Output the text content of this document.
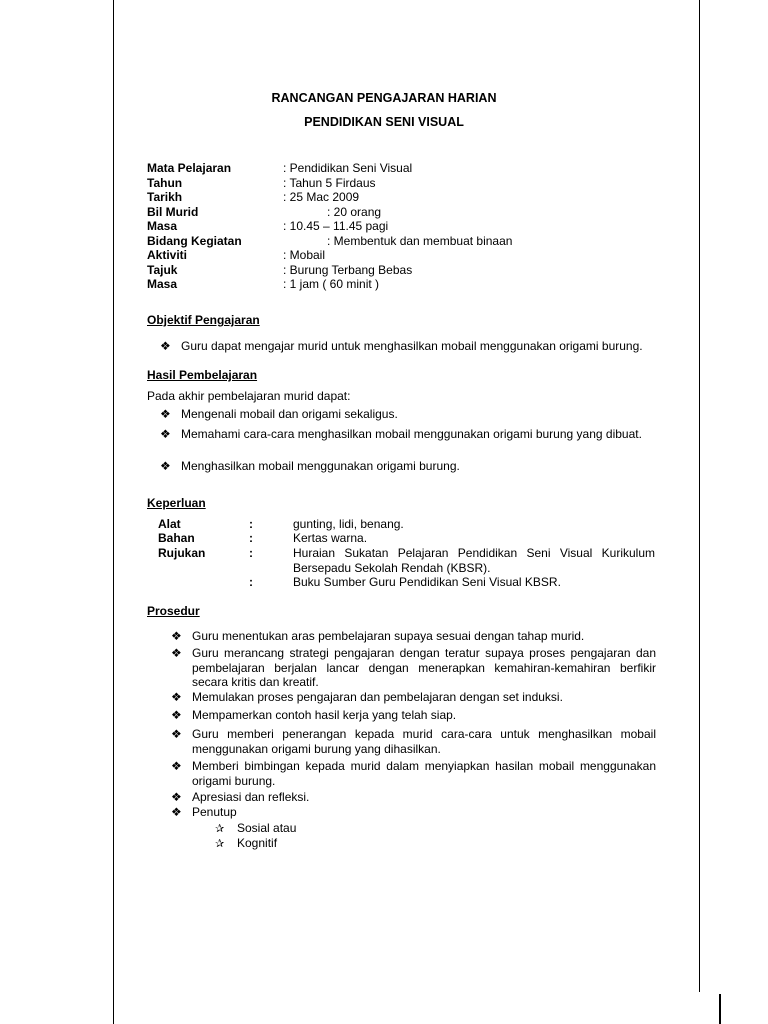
RANCANGAN PENGAJARAN HARIAN
PENDIDIKAN SENI VISUAL
Mata Pelajaran	: Pendidikan Seni Visual
Tahun	: Tahun 5 Firdaus
Tarikh	: 25 Mac 2009
Bil Murid	: 20 orang
Masa	: 10.45 – 11.45 pagi
Bidang Kegiatan	: Membentuk dan membuat binaan
Aktiviti	: Mobail
Tajuk	: Burung Terbang Bebas
Masa	: 1 jam ( 60 minit )
Objektif Pengajaran
❖ Guru dapat mengajar murid untuk menghasilkan mobail menggunakan origami burung.
Hasil Pembelajaran
Pada akhir pembelajaran murid dapat:
❖ Mengenali mobail dan origami sekaligus.
❖ Memahami cara-cara menghasilkan mobail menggunakan origami burung yang dibuat.
❖ Menghasilkan mobail menggunakan origami burung.
Keperluan
Alat	:	gunting, lidi, benang.
Bahan	:	Kertas warna.
Rujukan	:	Huraian Sukatan Pelajaran Pendidikan Seni Visual Kurikulum Bersepadu Sekolah Rendah (KBSR).
:	Buku Sumber Guru Pendidikan Seni Visual KBSR.
Prosedur
❖ Guru menentukan aras pembelajaran supaya sesuai dengan tahap murid.
❖ Guru merancang strategi pengajaran dengan teratur supaya proses pengajaran dan pembelajaran berjalan lancar dengan menerapkan kemahiran-kemahiran berfikir secara kritis dan kreatif.
❖ Memulakan proses pengajaran dan pembelajaran dengan set induksi.
❖ Mempamerkan contoh hasil kerja yang telah siap.
❖ Guru memberi penerangan kepada murid cara-cara untuk menghasilkan mobail menggunakan origami burung yang dihasilkan.
❖ Memberi bimbingan kepada murid dalam menyiapkan hasilan mobail menggunakan origami burung.
❖ Apresiasi dan refleksi.
❖ Penutup
✰ Sosial atau
✰ Kognitif
